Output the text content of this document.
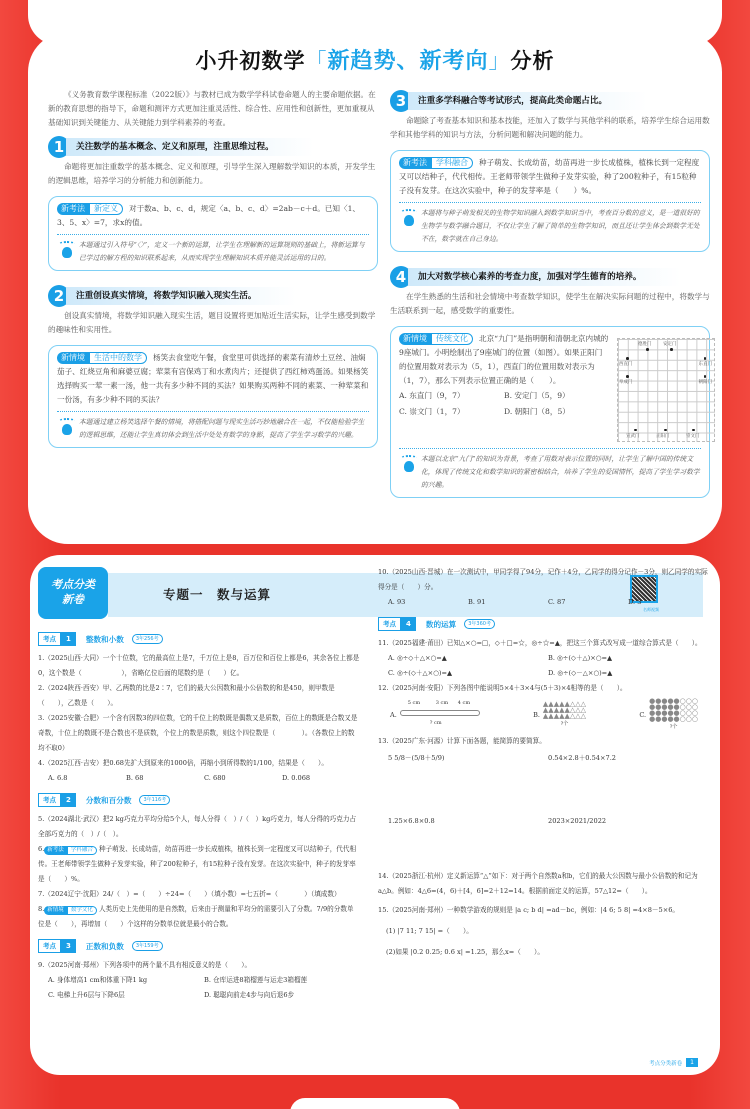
小升初数学「新趋势、新考向」分析

《义务教育数学课程标准（2022版）》与教材已成为数学学科试卷命题人的主要命题依据。在新的教育思想的指导下，命题和测评方式更加注重灵活性、综合性、应用性和创新性，更加重视从基础知识到关键能力、从关键能力到学科素养的考查。

1	关注数学的基本概念、定义和原理，注重思维过程。

命题将更加注重数学的基本概念、定义和原理，引导学生深入理解数学知识的本质，开发学生的逻辑思维，培养学习的分析能力和创新能力。

新考法 新定义 对于数a、b、c、d，规定〈a、b、c、d〉=2ab－c＋d。已知〈1、3、5、x〉=7，求x的值。
本题通过引入符号“〈〉”，定义一个新的运算，让学生在理解新的运算规则的基础上，将新运算与已学过的解方程的知识联系起来，从而实现学生理解知识本质并能灵活运用的目的。
2	注重创设真实情境，将数学知识融入现实生活。

创设真实情境，将数学知识融入现实生活，题目设置将更加贴近生活实际，让学生感受到数学的趣味性和实用性。

新情境 生活中的数学 杨笑去食堂吃午餐，食堂里可供选择的素菜有清炒土豆丝、油焖茄子、红烧豆角和麻婆豆腐；荤菜有宫保鸡丁和水煮肉片；还提供了西红柿鸡蛋汤。如果杨笑选择购买一荤一素一汤，他一共有多少种不同的买法？如果购买两种不同的素菜、一种荤菜和一份汤，有多少种不同的买法？
本题通过建立杨笑选择午餐的情境，将搭配问题与现实生活巧妙地融合在一起，不仅能检验学生的逻辑思维，还能让学生真切体会到生活中处处有数学的身影，提高了学生学习数学的兴趣。
3	注重多学科融合等考试形式，提高此类命题占比。

命题除了考查基本知识和基本技能，还加入了数学与其他学科的联系，培养学生综合运用数学和其他学科的知识与方法，分析问题和解决问题的能力。

新考法 学科融合 种子萌发、长成幼苗，幼苗再进一步长成植株，植株长到一定程度又可以结种子，代代相传。王老师带领学生做种子发芽实验，种了200粒种子，有15粒种子没有发芽。在这次实验中，种子的发芽率是（　　）%。
本题将与种子萌发相关的生物学知识融入到数学知识当中，考查百分数的意义，是一道很好的生物学与数学融合题目，不仅让学生了解了简单的生物学知识，而且还让学生体会到数学无处不在，数学就在自己身边。
4	加大对数学核心素养的考查力度，加强对学生德育的培养。

在学生熟悉的生活和社会情境中考查数学知识，使学生在解决实际问题的过程中，将数学与生活联系到一起，感受数学的重要性。

新情境 传统文化 北京“九门”是指明朝和清朝北京内城的9座城门。小明绘制出了9座城门的位置（如图）。如果正阳门的位置用数对表示为（5，1），西直门的位置用数对表示为（1，7），那么下列表示位置正确的是（　　）。
A. 东直门（9，7）	B. 安定门（5，9）
C. 崇文门（1，7）	D. 朝阳门（8，5）
德胜门	安定门
西直门	东直门
阜成门	朝阳门
宣武门	正阳门	崇文门
本题以北京“九门”的知识为背景，考查了用数对表示位置的同时，让学生了解中国的传统文化，体现了传统文化和数学知识的紧密相结合，培养了学生的爱国情怀，提高了学生学习数学的兴趣。
考点分类
新卷	专题一　数与运算
名师视频
考点	1	整数和小数	3年256考
1.（2025山西·大同）一个十位数，它的最高位上是7，千万位上是8，百万位和百位上都是6，其余各位上都是0，这个数是（　　　　　　），省略亿位后面的尾数约是（　　）亿。
2.（2024陕西·西安）甲、乙两数的比是2∶7，它们的最大公因数和最小公倍数的和是450，则甲数是（　　），乙数是（　　）。
3.（2025安徽·合肥）一个含有因数3的四位数，它的千位上的数既是偶数又是质数，百位上的数既是合数又是奇数，十位上的数既不是合数也不是质数，个位上的数是质数，则这个四位数是（　　　　）。（各数位上的数均不取0）
4.（2025江西·吉安）把0.68先扩大到原来的1000倍，再缩小到所得数的1/100，结果是（　　）。
A. 6.8	B. 68	C. 680	D. 0.068
考点	2	分数和百分数	3年116考
5.（2024湖北·武汉）把2 kg巧克力平均分给5个人，每人分得（　）/（　）kg巧克力，每人分得的巧克力占全部巧克力的（　）/（　）。
6. 新考法 学科融合 种子萌发、长成幼苗，幼苗再进一步长成植株，植株长到一定程度又可以结种子，代代相传。王老师带领学生做种子发芽实验，种了200粒种子，有15粒种子没有发芽。在这次实验中，种子的发芽率是（　　）%。
7.（2024辽宁·沈阳）24/（　）=（　　）÷24=（　　）（填小数）=七五折=（　　　　）（填成数）
8. 新情境 数学文化 人类历史上先使用的是自然数，后来由于测量和平均分的需要引入了分数。7/9的分数单位是（　　），再增加（　　）个这样的分数单位就是最小的合数。
考点	3	正数和负数	3年159考
9.（2025河南·郑州）下列各项中的两个量不具有相反意义的是（　　）。
A. 身体增高1 cm和体重下降1 kg	B. 仓库运进8箱榴莲与运走3箱榴莲
C. 电梯上升6层与下降6层	D. 聪聪向前走4步与向后退6步
10.（2025山西·晋城）在一次测试中，甲同学得了94分，记作＋4分，乙同学的得分记作－3分，则乙同学的实际得分是（　　）分。
A. 93	B. 91	C. 87	D. 3
考点	4	数的运算	3年360考
11.（2025福建·莆田）已知△×○=□，◇＋□=☆，◎÷☆=▲，把这三个算式改写成一道综合算式是（　　）。
A. ◎÷◇＋△×○=▲	B. ◎÷(◇＋△)×○=▲
C. ◎÷(◇＋△×○)=▲	D. ◎÷(◇－△×○)=▲
12.（2025河南·安阳）下列各图中能说明5×4＋3×4与(5＋3)×4相等的是（　　）。
A.
5 cm	3 cm 4 cm
? cm
B.
▲▲▲▲▲△△△
▲▲▲▲▲△△△
▲▲▲▲▲△△△
?个
C.
●●●●●○○○
●●●●●○○○
●●●●●○○○
●●●●●○○○
?个
13.（2025广东·河源）计算下面各题，能简算的要简算。
5 5/8－(5/8＋5/9)	0.54×2.8＋0.54×7.2
1.25×6.8×0.8	2023×2021/2022
14.（2025浙江·杭州）定义新运算“△”如下：对于两个自然数a和b，它们的最大公因数与最小公倍数的和记为a△b。例如：4△6=(4，6)＋[4，6]=2＋12=14。根据前面定义的运算，57△12=（　　）。
15.（2025河南·郑州）一种数学游戏的规则是 |a c; b d| =ad－bc，例如：|4 6; 5 8| =4×8－5×6。
(1) |7 11; 7 15| =（　　）。
(2)如果 |0.2 0.25; 0.6 x| =1.25，那么x=（　　）。
考点分类新卷	1
